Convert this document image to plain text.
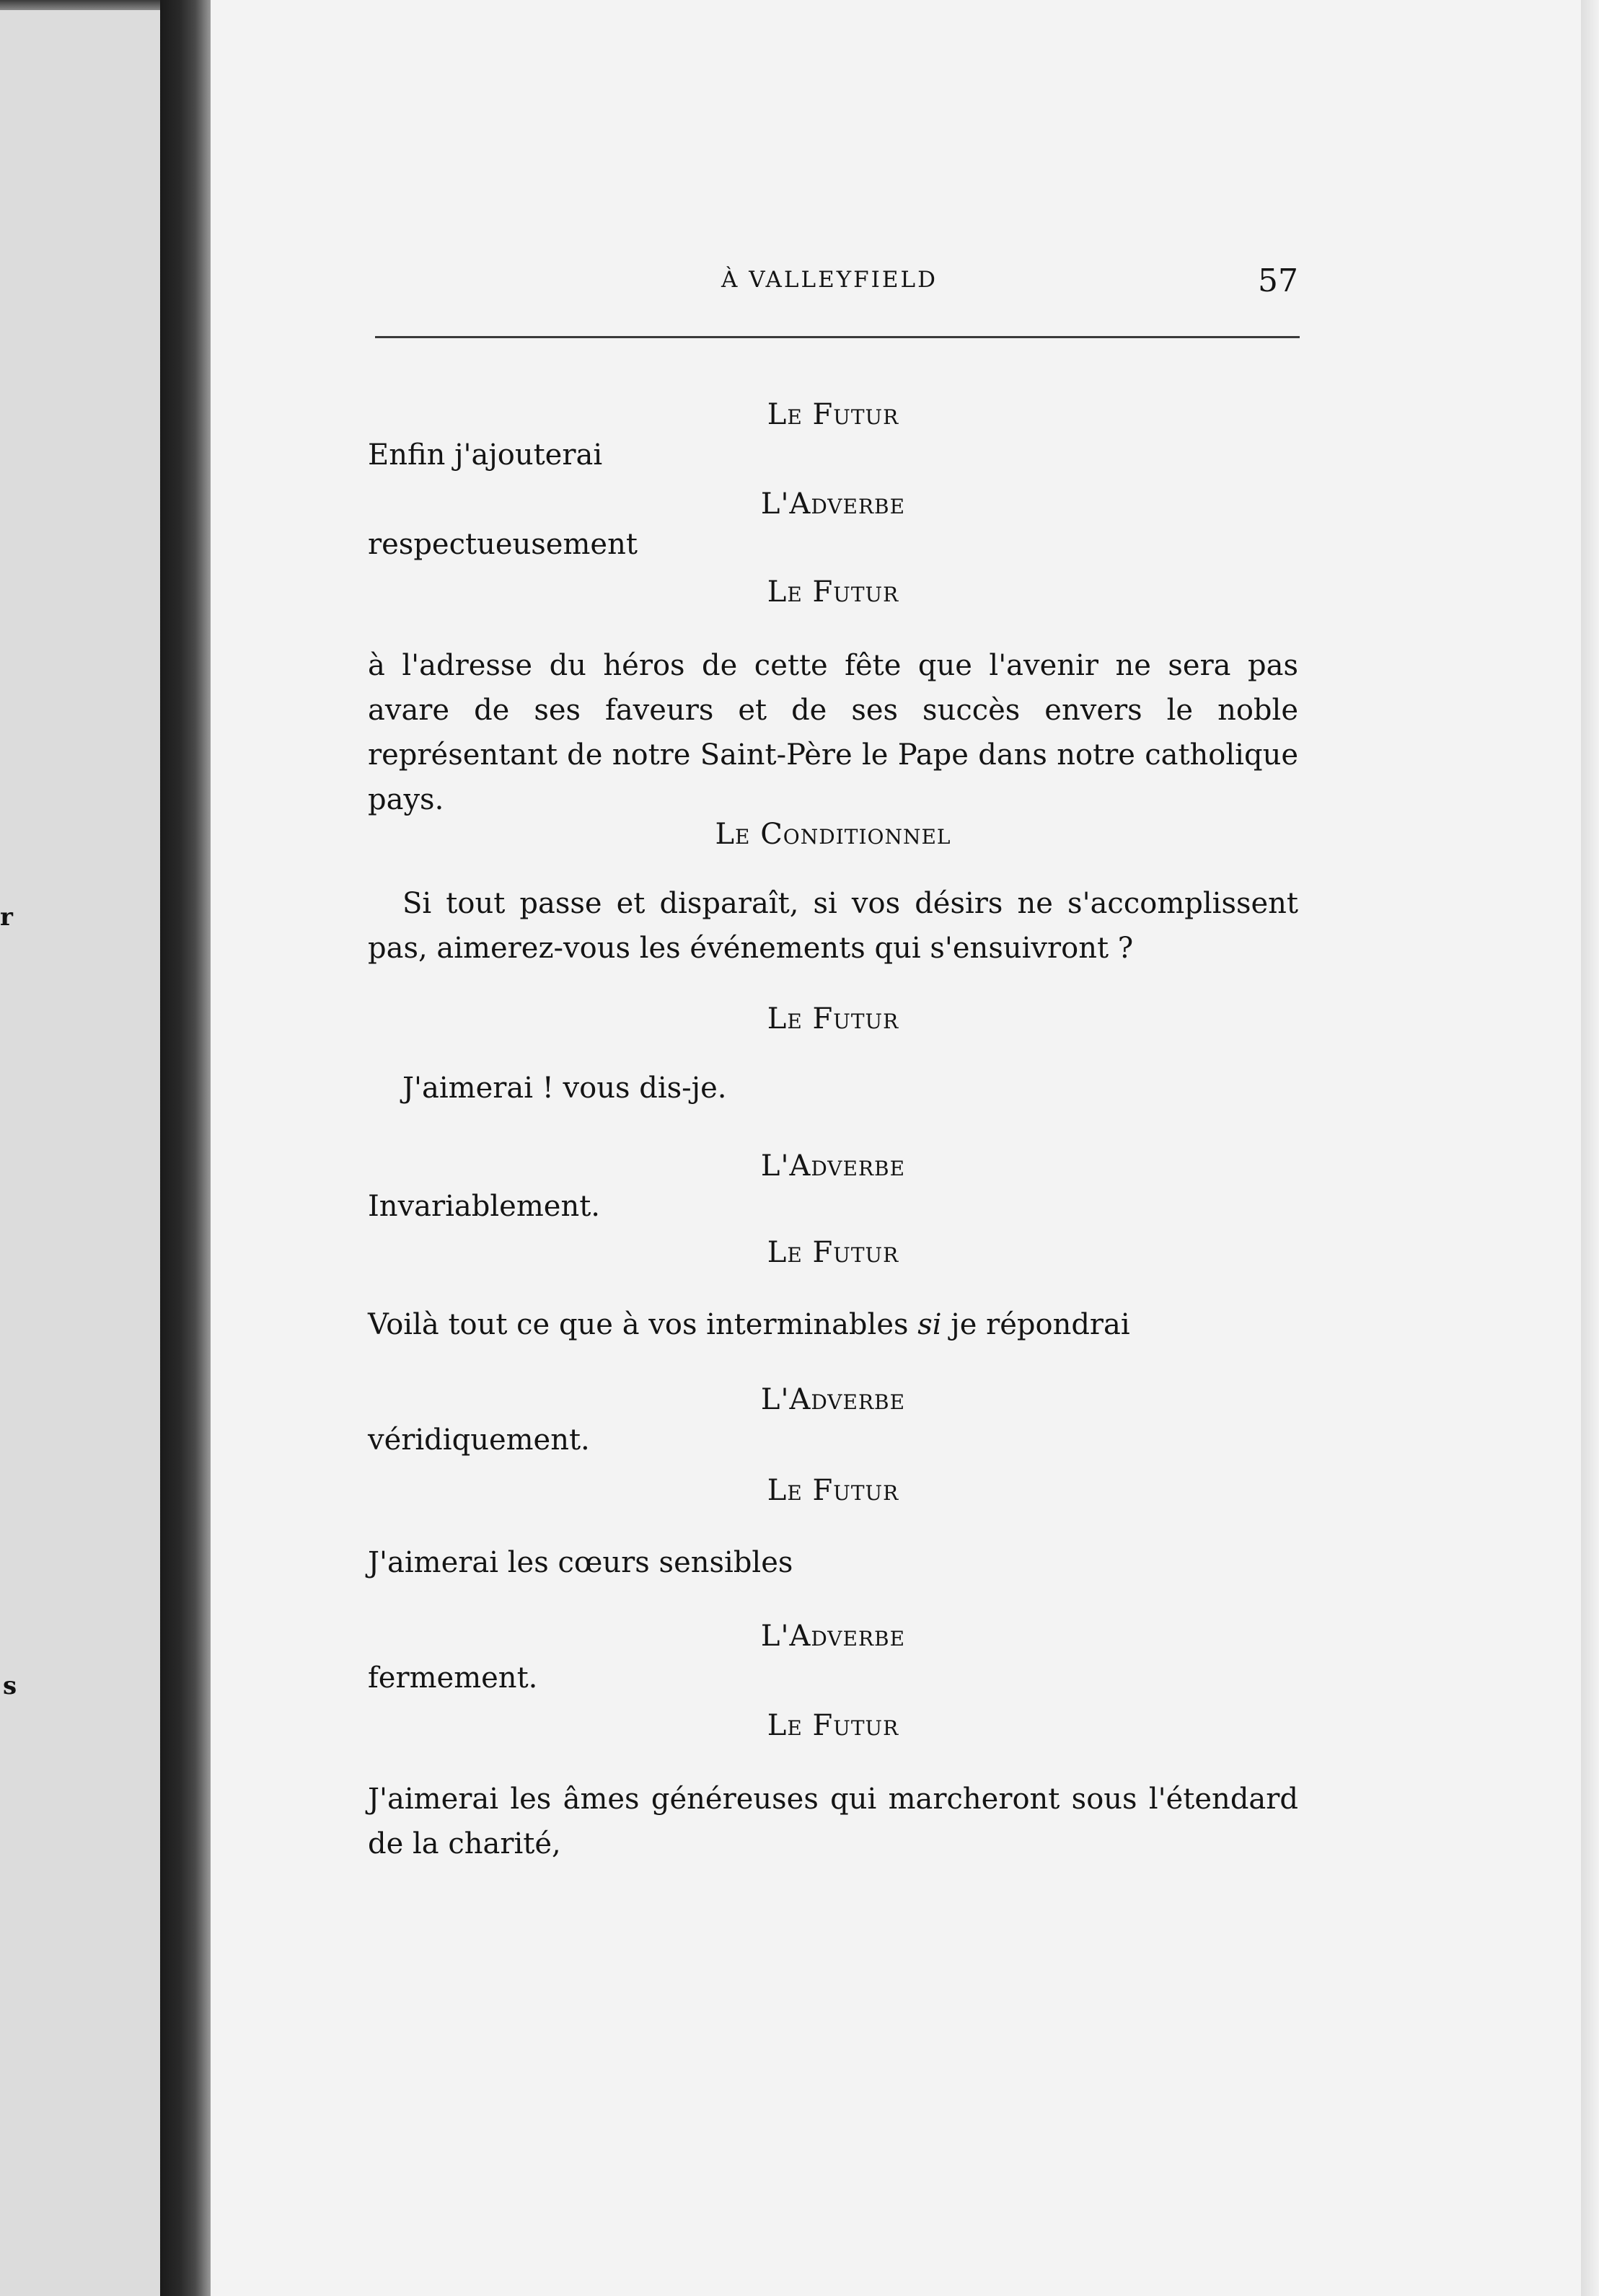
r
s
À VALLEYFIELD	57
Le Futur
Enfin j'ajouterai
L'Adverbe
respectueusement
Le Futur
à l'adresse du héros de cette fête que l'avenir ne sera pas avare de ses faveurs et de ses succès envers le noble représentant de notre Saint-Père le Pape dans notre catholique pays.
Le Conditionnel
Si tout passe et disparaît, si vos désirs ne s'accomplissent pas, aimerez-vous les événements qui s'ensuivront ?
Le Futur
J'aimerai ! vous dis-je.
L'Adverbe
Invariablement.
Le Futur
Voilà tout ce que à vos interminables si je répondrai
L'Adverbe
véridiquement.
Le Futur
J'aimerai les cœurs sensibles
L'Adverbe
fermement.
Le Futur
J'aimerai les âmes généreuses qui marcheront sous l'étendard de la charité,
